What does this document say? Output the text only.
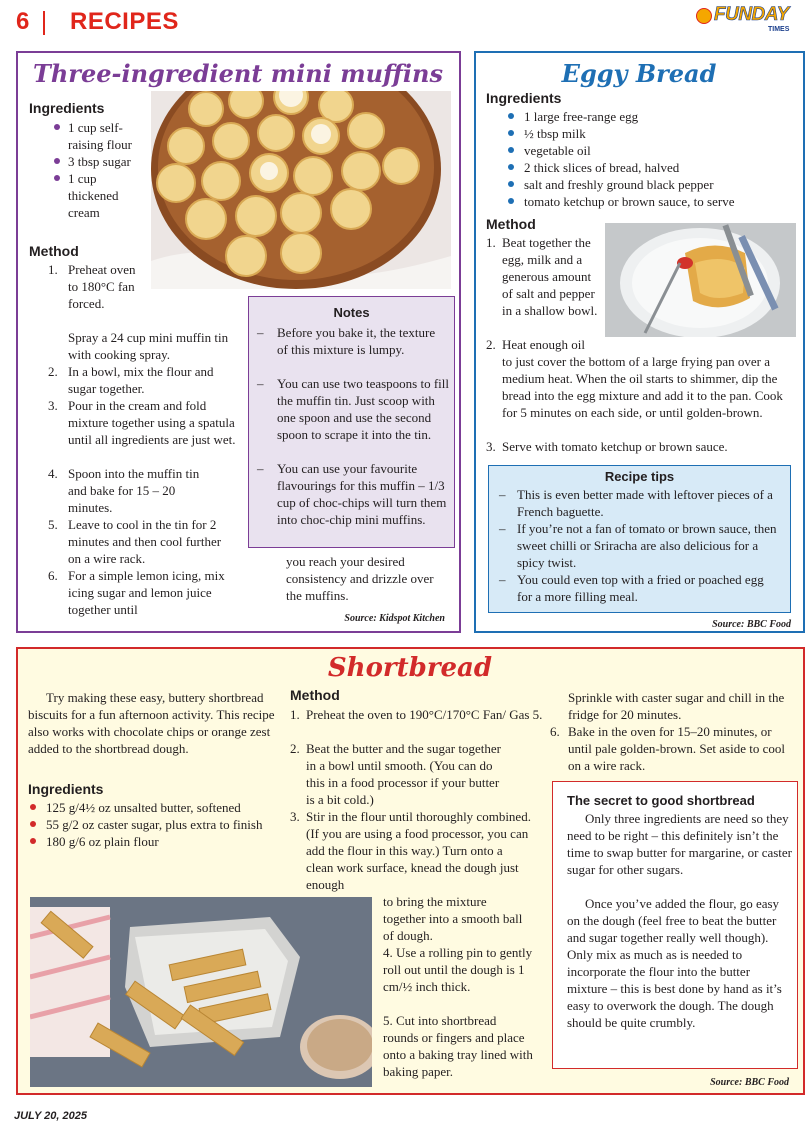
6 RECIPES	FUNDAY
TIMES
Three-ingredient mini muffins
Ingredients
1 cup self-raising flour
3 tbsp sugar
1 cup thickened cream
Method
1. Preheat oven to 180°C fan forced.
Spray a 24 cup mini muffin tin with cooking spray.
2. In a bowl, mix the flour and sugar together.
3. Pour in the cream and fold mixture together using a spatula until all ingredients are just wet.
4. Spoon into the muffin tin and bake for 15 – 20 minutes.
5. Leave to cool in the tin for 2 minutes and then cool further on a wire rack.
6. For a simple lemon icing, mix icing sugar and lemon juice together until
you reach your desired consistency and drizzle over the muffins.
Notes
– Before you bake it, the texture of this mixture is lumpy.
– You can use two teaspoons to fill the muffin tin. Just scoop with one spoon and use the second spoon to scrape it into the tin.
– You can use your favourite flavourings for this muffin – 1/3 cup of choc-chips will turn them into choc-chip mini muffins.
Source: Kidspot Kitchen
Eggy Bread
Ingredients
1 large free-range egg
½ tbsp milk
vegetable oil
2 thick slices of bread, halved
salt and freshly ground black pepper
tomato ketchup or brown sauce, to serve
Method
1. Beat together the egg, milk and a generous amount of salt and pepper in a shallow bowl.
2. Heat enough oil
to just cover the bottom of a large frying pan over a medium heat. When the oil starts to shimmer, dip the bread into the egg mixture and add it to the pan. Cook for 5 minutes on each side, or until golden-brown.
3. Serve with tomato ketchup or brown sauce.
Recipe tips
– This is even better made with leftover pieces of a French baguette.
– If you’re not a fan of tomato or brown sauce, then sweet chilli or Sriracha are also delicious for a spicy twist.
– You could even top with a fried or poached egg for a more filling meal.
Source: BBC Food
Shortbread
Try making these easy, buttery shortbread biscuits for a fun afternoon activity. This recipe also works with chocolate chips or orange zest added to the shortbread dough.
Ingredients
125 g/4½ oz unsalted butter, softened
55 g/2 oz caster sugar, plus extra to finish
180 g/6 oz plain flour
Method
1. Preheat the oven to 190°C/170°C Fan/ Gas 5.
2. Beat the butter and the sugar together in a bowl until smooth. (You can do this in a food processor if your butter is a bit cold.)
3. Stir in the flour until thoroughly combined. (If you are using a food processor, you can add the flour in this way.) Turn onto a clean work surface, knead the dough just enough
to bring the mixture together into a smooth ball of dough.
4. Use a rolling pin to gently roll out until the dough is 1 cm/½ inch thick.
5. Cut into shortbread rounds or fingers and place onto a baking tray lined with baking paper.
Sprinkle with caster sugar and chill in the fridge for 20 minutes.
6. Bake in the oven for 15–20 minutes, or until pale golden-brown. Set aside to cool on a wire rack.
The secret to good shortbread
Only three ingredients are need so they need to be right – this definitely isn’t the time to swap butter for margarine, or caster sugar for other sugars.
Once you’ve added the flour, go easy on the dough (feel free to beat the butter and sugar together really well though). Only mix as much as is needed to incorporate the flour into the butter mixture – this is best done by hand as it’s easy to overwork the dough. The dough should be quite crumbly.
Source: BBC Food
JULY 20, 2025
